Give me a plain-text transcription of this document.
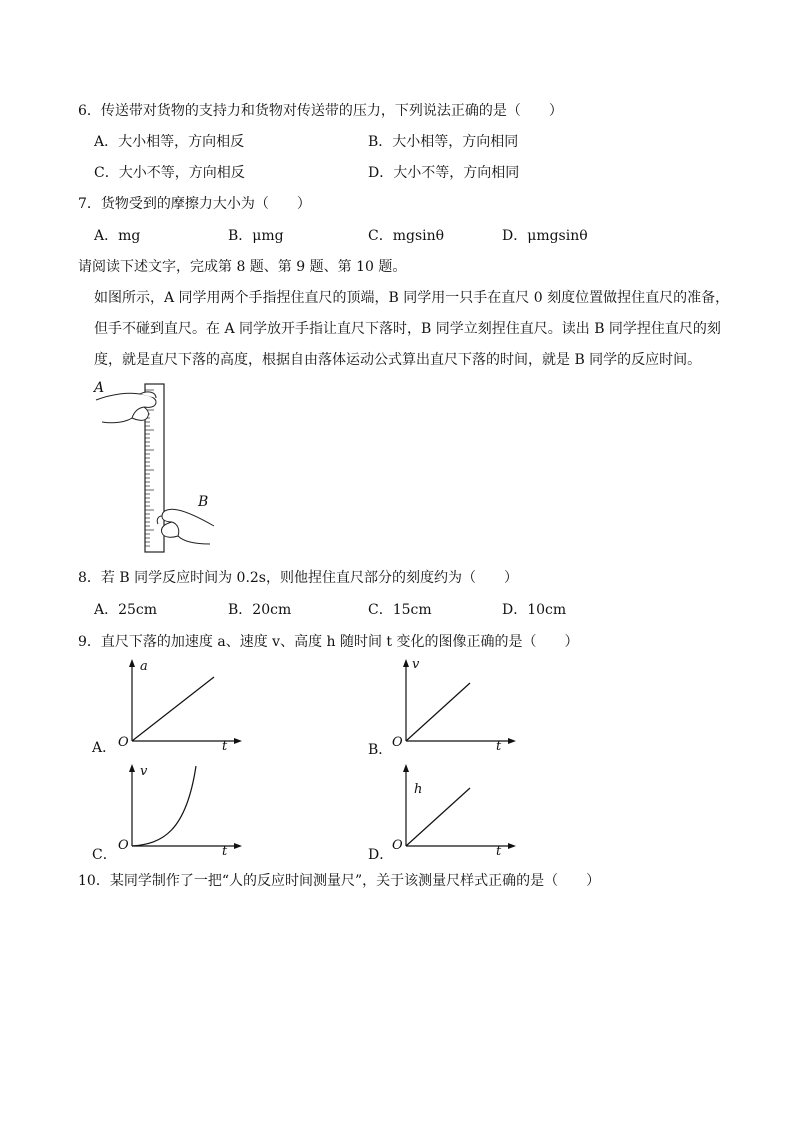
6．传送带对货物的支持力和货物对传送带的压力，下列说法正确的是（　　）
A．大小相等，方向相反	B．大小相等，方向相同
C．大小不等，方向相反	D．大小不等，方向相同
7．货物受到的摩擦力大小为（　　）
A．mg	B．μmg	C．mgsinθ	D．μmgsinθ
请阅读下述文字，完成第 8 题、第 9 题、第 10 题。
如图所示，A 同学用两个手指捏住直尺的顶端，B 同学用一只手在直尺 0 刻度位置做捏住直尺的准备，
但手不碰到直尺。在 A 同学放开手指让直尺下落时，B 同学立刻捏住直尺。读出 B 同学捏住直尺的刻
度，就是直尺下落的高度，根据自由落体运动公式算出直尺下落的时间，就是 B 同学的反应时间。
A
B
8．若 B 同学反应时间为 0.2s，则他捏住直尺部分的刻度约为（　　）
A．25cm	B．20cm	C．15cm	D．10cm
9．直尺下落的加速度 a、速度 v、高度 h 随时间 t 变化的图像正确的是（　　）
a
t
O
A．
v
t
O
B．
v
t
O
C．
h
t
O
D．
10．某同学制作了一把“人的反应时间测量尺”，关于该测量尺样式正确的是（　　）
